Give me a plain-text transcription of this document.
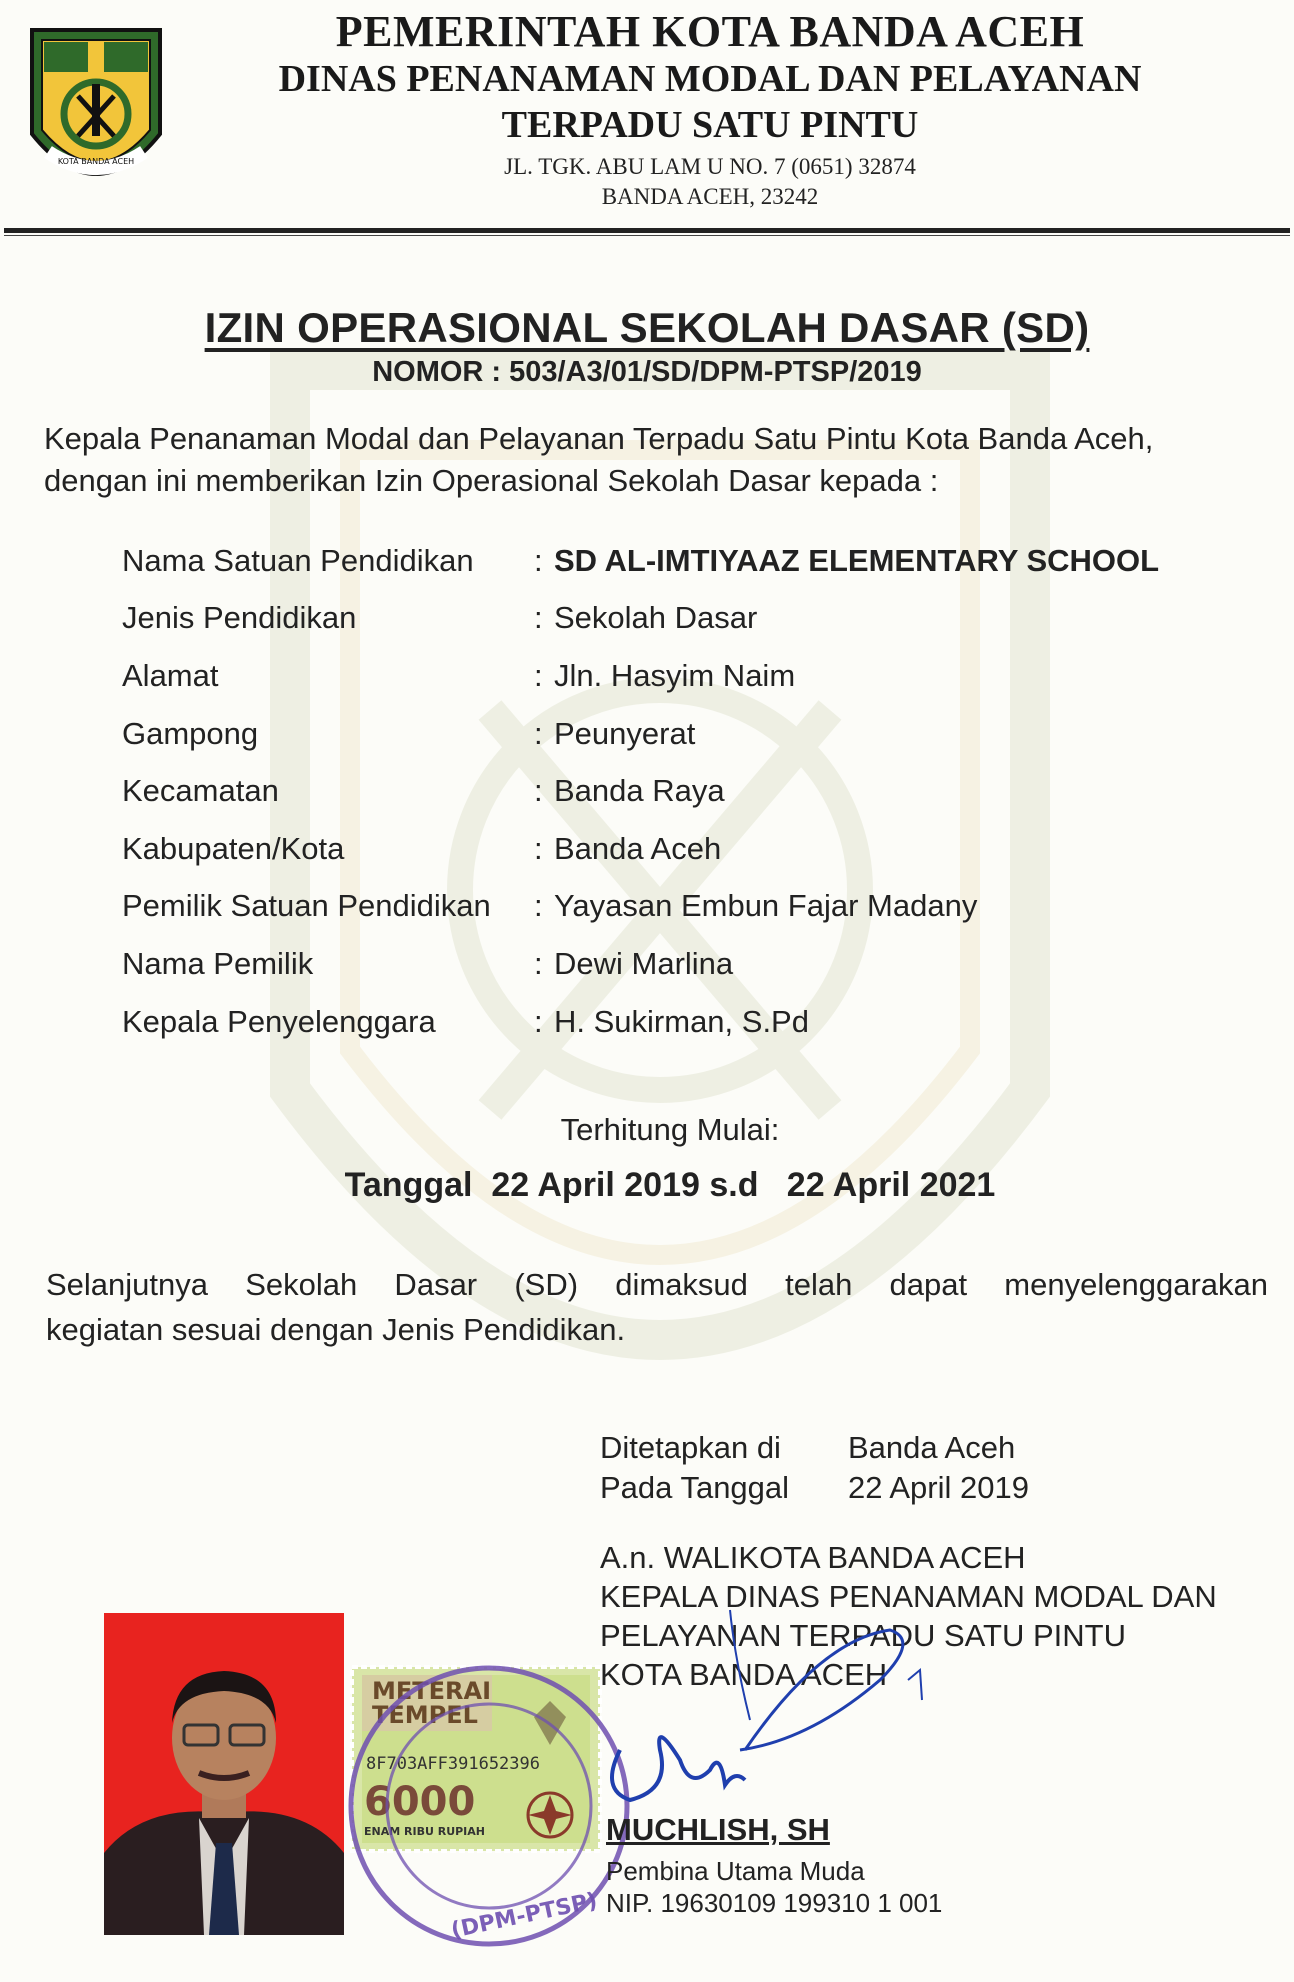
KOTA BANDA ACEH
PEMERINTAH KOTA BANDA ACEH
DINAS PENANAMAN MODAL DAN PELAYANAN
TERPADU SATU PINTU
JL. TGK. ABU LAM U NO. 7 (0651) 32874
BANDA ACEH, 23242
IZIN OPERASIONAL SEKOLAH DASAR (SD)
NOMOR : 503/A3/01/SD/DPM-PTSP/2019
Kepala Penanaman Modal dan Pelayanan Terpadu Satu Pintu Kota Banda Aceh,
dengan ini memberikan Izin Operasional Sekolah Dasar kepada :
Nama Satuan Pendidikan	: SD AL-IMTIYAAZ ELEMENTARY SCHOOL
Jenis Pendidikan	: Sekolah Dasar
Alamat	: Jln. Hasyim Naim
Gampong	: Peunyerat
Kecamatan	: Banda Raya
Kabupaten/Kota	: Banda Aceh
Pemilik Satuan Pendidikan	: Yayasan Embun Fajar Madany
Nama Pemilik	: Dewi Marlina
Kepala Penyelenggara	: H. Sukirman, S.Pd
Terhitung Mulai:
Tanggal  22 April 2019 s.d   22 April 2021
Selanjutnya Sekolah Dasar (SD) dimaksud telah dapat menyelenggarakan
kegiatan sesuai dengan Jenis Pendidikan.
Ditetapkan di	Banda Aceh
Pada Tanggal	22 April 2019
A.n. WALIKOTA BANDA ACEH
KEPALA DINAS PENANAMAN MODAL DAN
PELAYANAN TERPADU SATU PINTU
KOTA BANDA ACEH
METERAI
TEMPEL
8F703AFF391652396
6000
ENAM RIBU RUPIAH
(DPM-PTSP)
MUCHLISH, SH
Pembina Utama Muda
NIP. 19630109 199310 1 001
